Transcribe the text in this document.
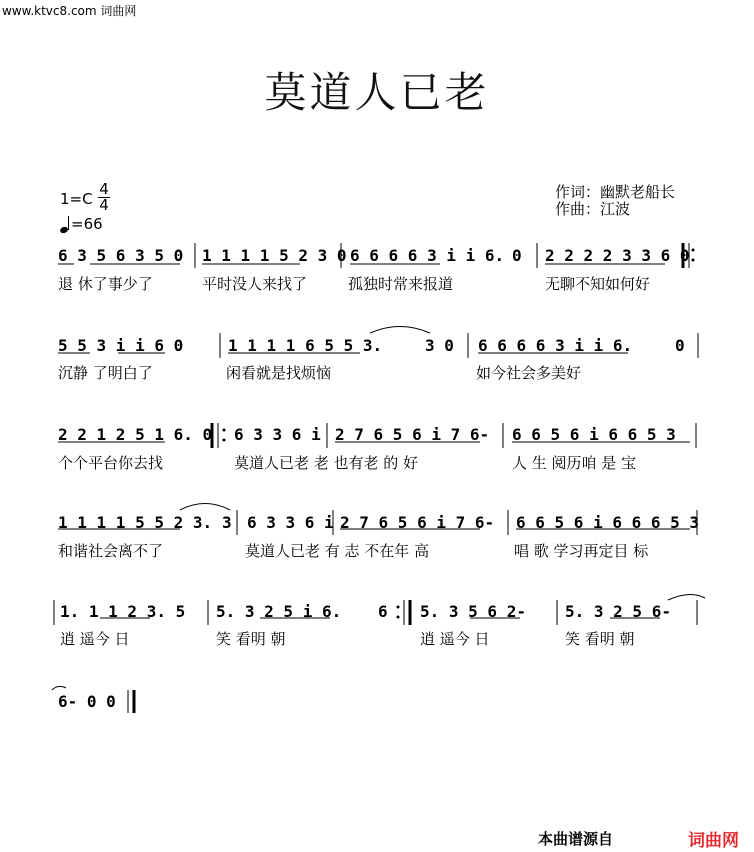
www.ktvc8.com 词曲网
莫道人已老
1=C
4
4
=66
作词：幽默老船长
作曲：江波
6 3 5 6 3 5 0 1 1 1 1 5 2 3 0 6 6 6 6 3 i i 6. 0 2 2 2 2 3 3 6 0
退 休了事少了	平时没人来找了	孤独时常来报道	无聊不知如何好
5 5 3 i i 6 0	1 1 1 1 6 5 5 3.	3 0 6 6 6 6 3 i i 6.	0
沉静 了明白了	闲看就是找烦恼	如今社会多美好
2 2 1 2 5 1 6. 0 6 3 3 6 i 2 7 6 5 6 i 7 6- 6 6 5 6 i 6 6 5 3
个个平台你去找	莫道人已老 老 也有老 的 好	人 生 阅历咱 是 宝
1 1 1 1 5 5 2 3. 3 6 3 3 6 i 2 7 6 5 6 i 7 6- 6 6 5 6 i 6 6 6 5 3
和谐社会离不了	莫道人已老 有 志 不在年 高	唱 歌 学习再定目 标
1. 1 1 2 3. 5 5. 3 2 5 i 6. 6 5. 3 5 6 2- 5. 3 2 5 6-
逍 遥今 日	笑 看明 朝	逍 遥今 日	笑 看明 朝
6- 0 0
本曲谱源自	词曲网
